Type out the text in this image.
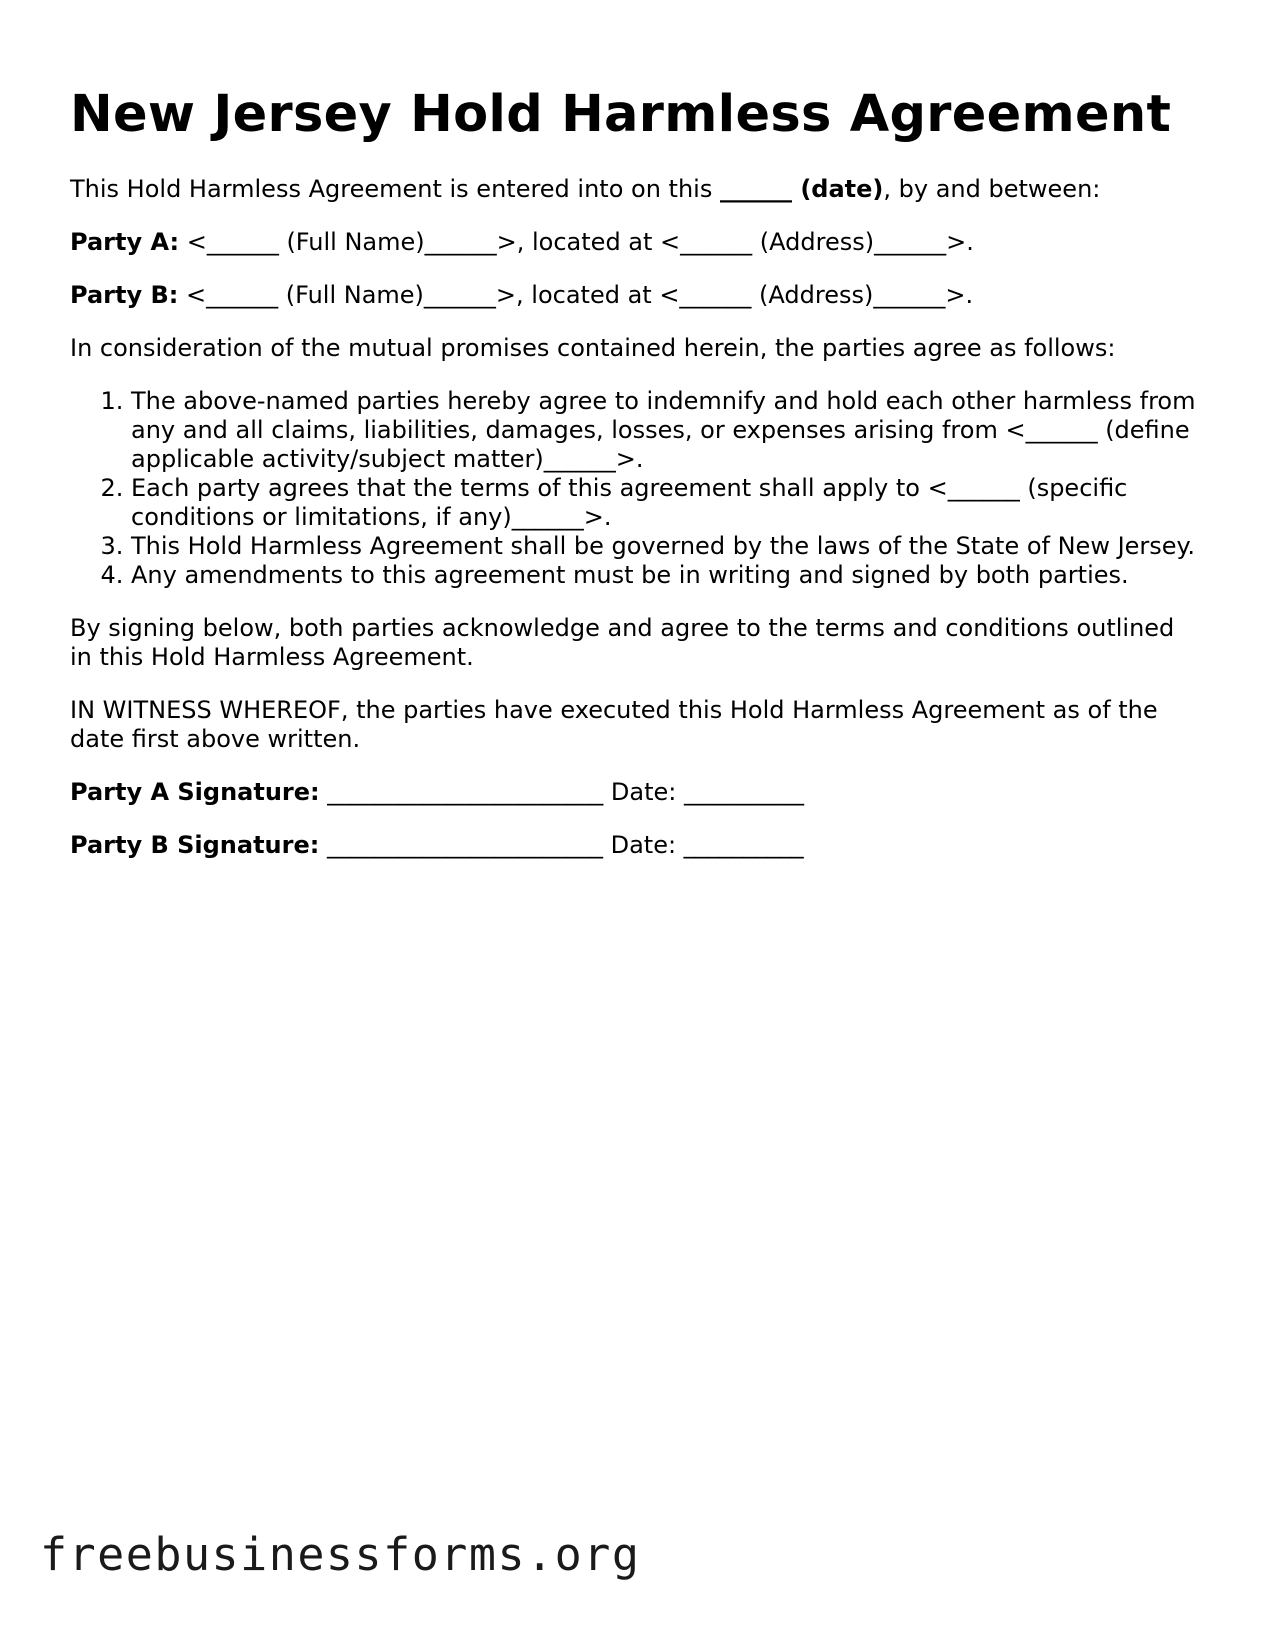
New Jersey Hold Harmless Agreement

This Hold Harmless Agreement is entered into on this ______ (date), by and between:

Party A: <______ (Full Name)______>, located at <______ (Address)______>.

Party B: <______ (Full Name)______>, located at <______ (Address)______>.

In consideration of the mutual promises contained herein, the parties agree as follows:

1. The above-named parties hereby agree to indemnify and hold each other harmless from any and all claims, liabilities, damages, losses, or expenses arising from <______ (define applicable activity/subject matter)______>.
2. Each party agrees that the terms of this agreement shall apply to <______ (specific conditions or limitations, if any)______>.
3. This Hold Harmless Agreement shall be governed by the laws of the State of New Jersey.
4. Any amendments to this agreement must be in writing and signed by both parties.

By signing below, both parties acknowledge and agree to the terms and conditions outlined in this Hold Harmless Agreement.

IN WITNESS WHEREOF, the parties have executed this Hold Harmless Agreement as of the date first above written.

Party A Signature: _______________________ Date: __________
Party B Signature: _______________________ Date: __________
freebusinessforms.org
